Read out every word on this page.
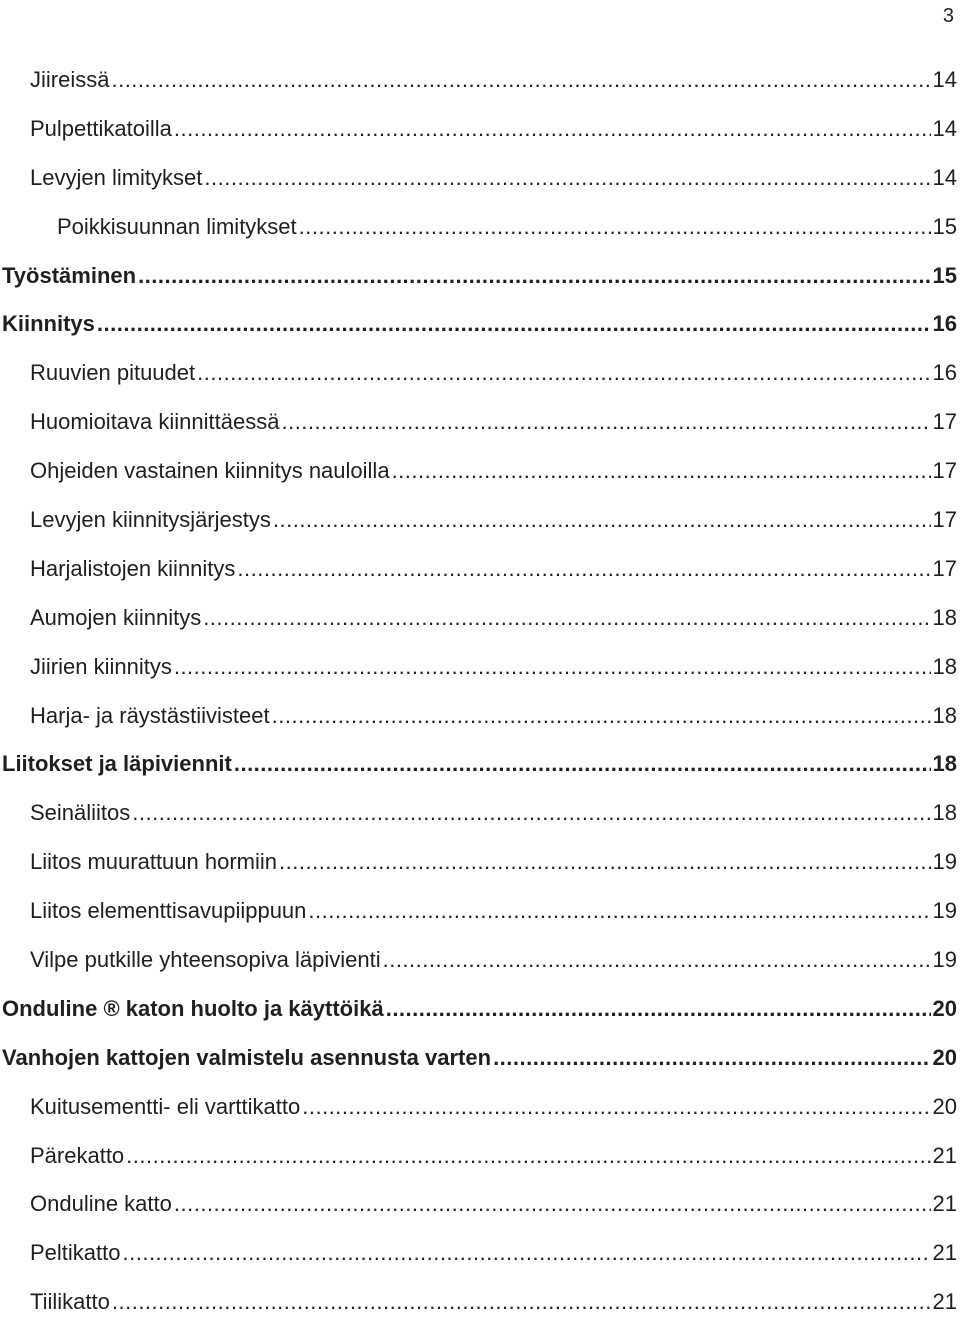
3
Jiireissä .....	14
Pulpettikatoilla .....	14
Levyjen limitykset .....	14
Poikkisuunnan limitykset .....	15
Työstäminen .....	15
Kiinnitys .....	16
Ruuvien pituudet .....	16
Huomioitava kiinnittäessä .....	17
Ohjeiden vastainen kiinnitys nauloilla .....	17
Levyjen kiinnitysjärjestys .....	17
Harjalistojen kiinnitys .....	17
Aumojen kiinnitys .....	18
Jiirien kiinnitys .....	18
Harja- ja räystästiivisteet .....	18
Liitokset ja läpiviennit .....	18
Seinäliitos .....	18
Liitos muurattuun hormiin .....	19
Liitos elementtisavupiippuun .....	19
Vilpe putkille yhteensopiva läpivienti .....	19
Onduline ® katon huolto ja käyttöikä .....	20
Vanhojen kattojen valmistelu asennusta varten .....	20
Kuitusementti- eli varttikatto .....	20
Pärekatto .....	21
Onduline katto .....	21
Peltikatto .....	21
Tiilikatto .....	21
